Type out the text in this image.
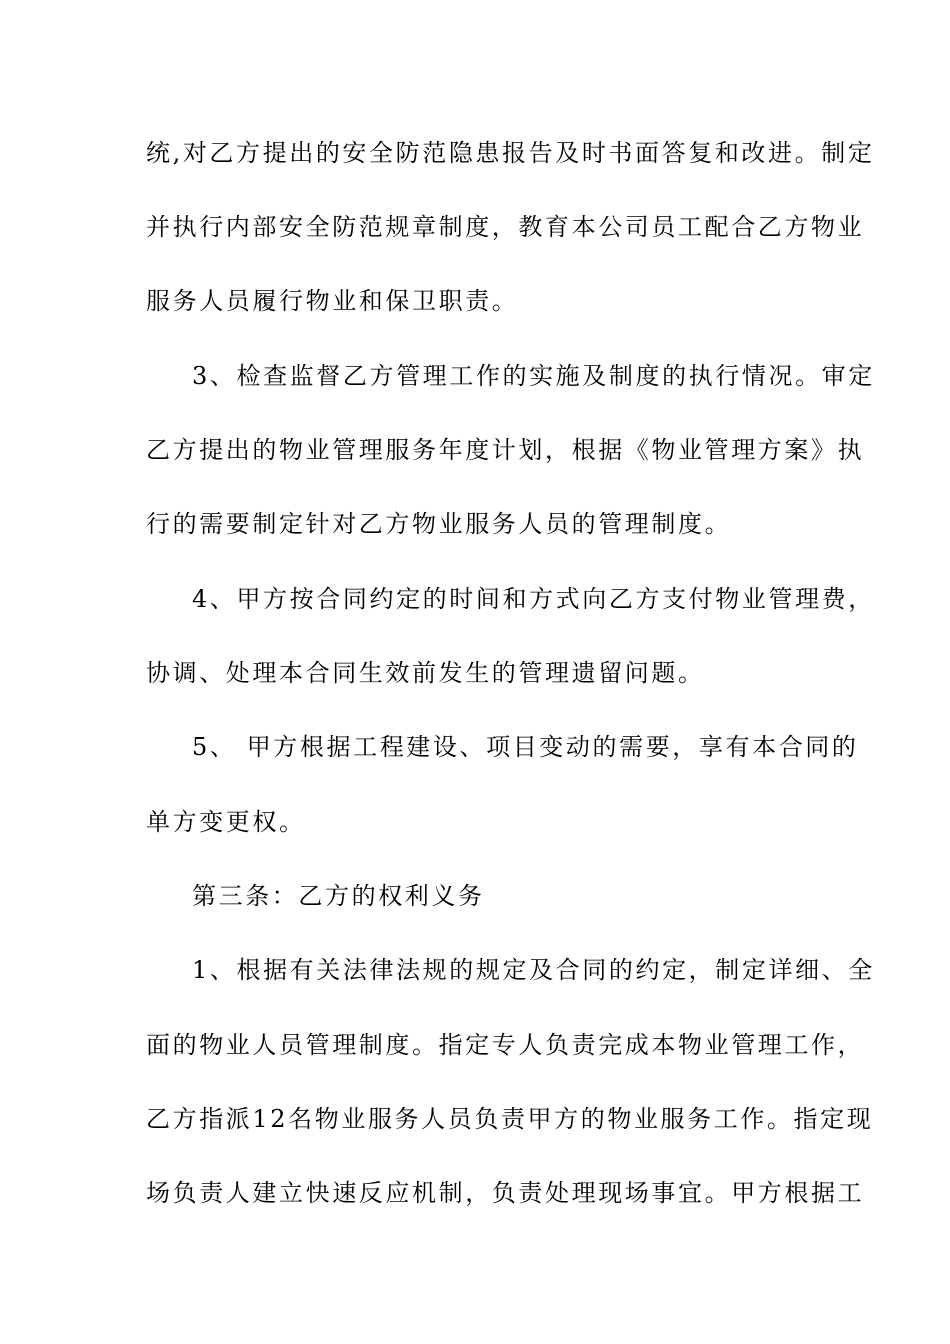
统,对乙方提出的安全防范隐患报告及时书面答复和改进。制定
并执行内部安全防范规章制度，教育本公司员工配合乙方物业
服务人员履行物业和保卫职责。
3、检查监督乙方管理工作的实施及制度的执行情况。审定
乙方提出的物业管理服务年度计划，根据《物业管理方案》执
行的需要制定针对乙方物业服务人员的管理制度。
4、甲方按合同约定的时间和方式向乙方支付物业管理费，
协调、处理本合同生效前发生的管理遗留问题。
5、 甲方根据工程建设、项目变动的需要，享有本合同的
单方变更权。
第三条：乙方的权利义务
1、根据有关法律法规的规定及合同的约定，制定详细、全
面的物业人员管理制度。指定专人负责完成本物业管理工作，
乙方指派12名物业服务人员负责甲方的物业服务工作。指定现
场负责人建立快速反应机制，负责处理现场事宜。甲方根据工
